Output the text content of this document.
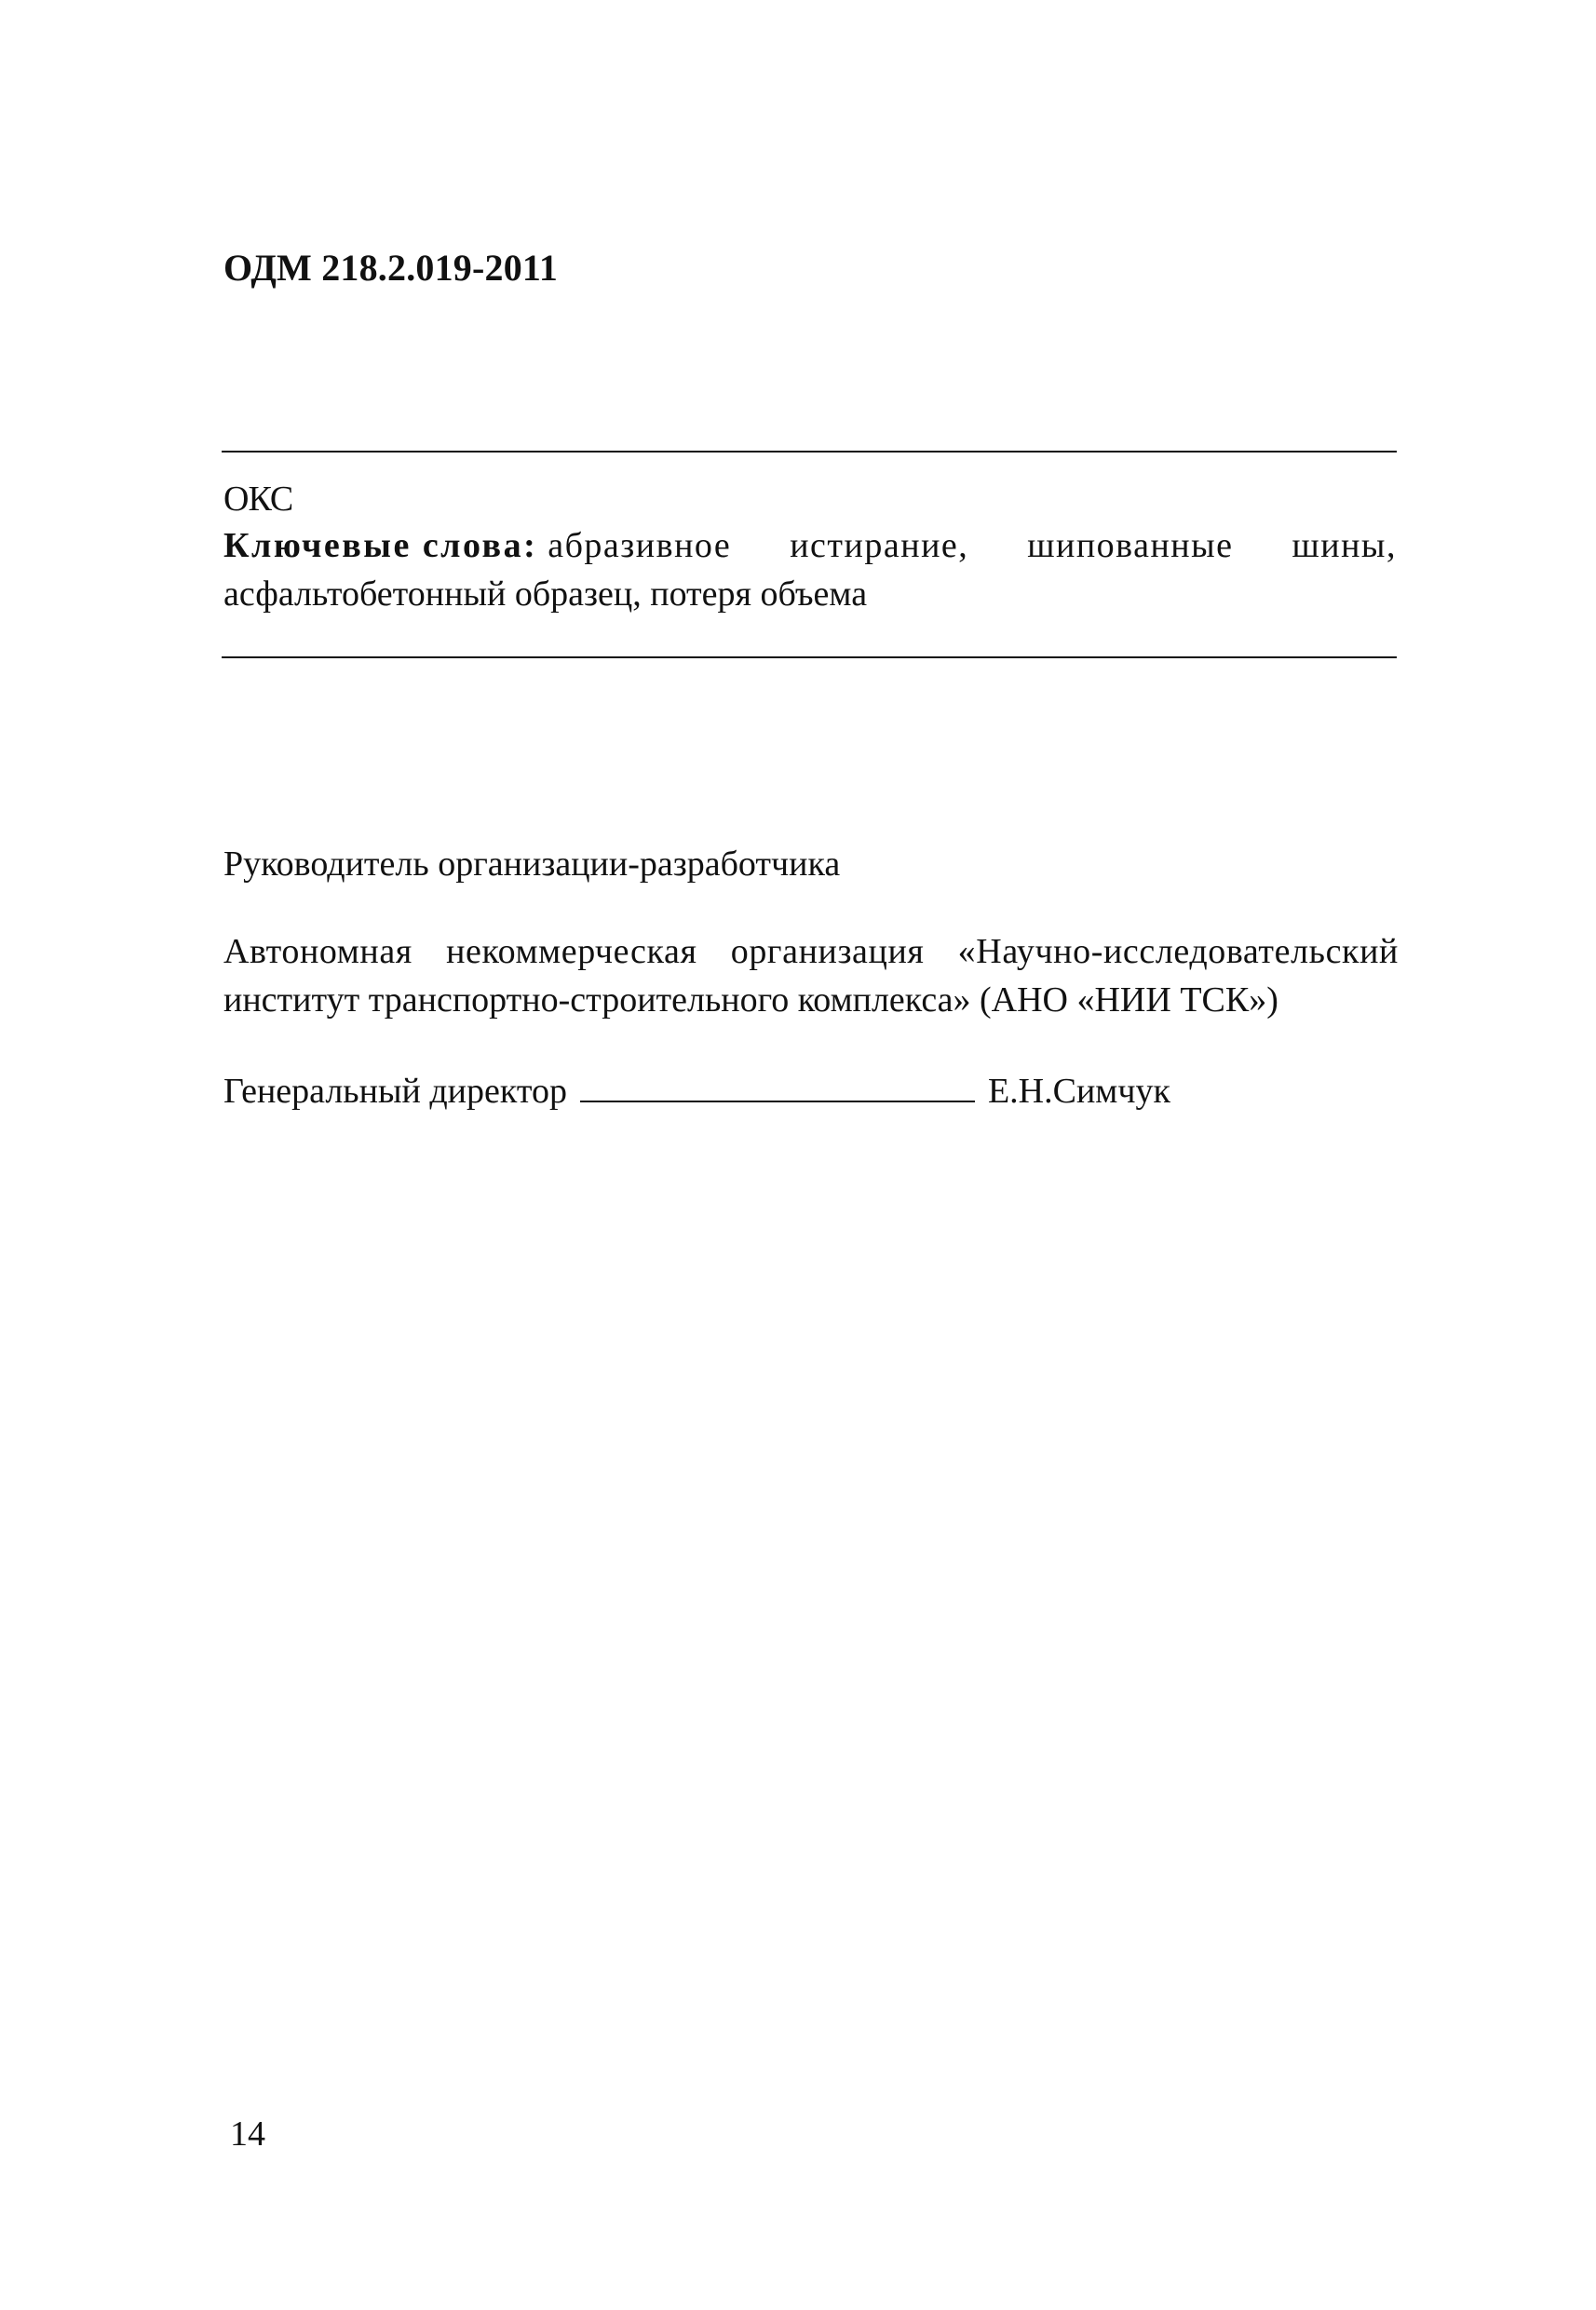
ОДМ 218.2.019-2011
ОКС
Ключевые слова: абразивное истирание, шипованные шины,
асфальтобетонный образец, потеря объема
Руководитель организации-разработчика
Автономная некоммерческая организация «Научно-исследовательский
институт транспортно-строительного комплекса» (АНО «НИИ ТСК»)
Генеральный директор	Е.Н.Симчук
14
